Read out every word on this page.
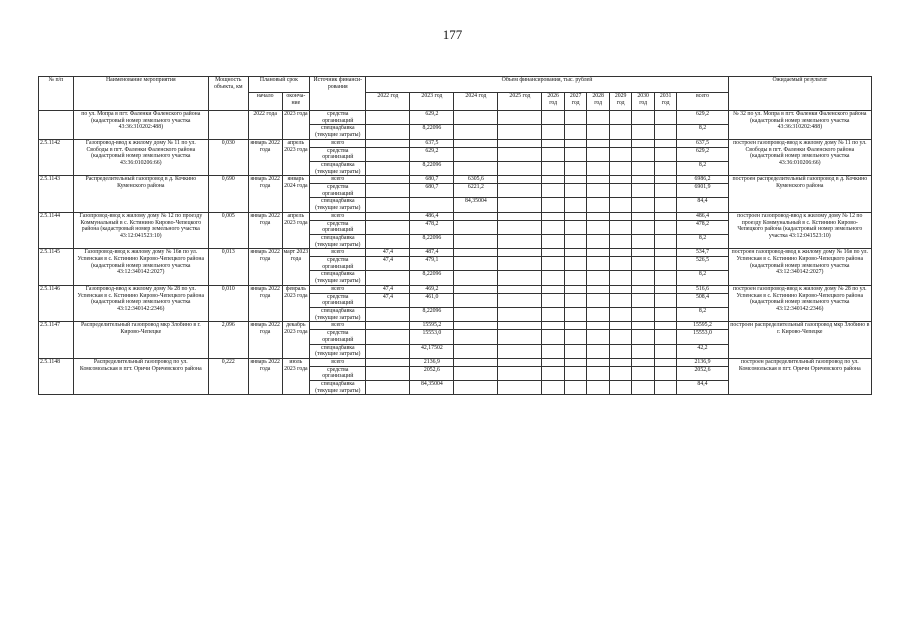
177
№ п/п	Наименование мероприятия	Мощность объекта, км	Плановый срок		Источник финанси-рования	Объем финансирования, тыс. рублей											Ожидаемый результат
			начало	оконча-ние		2022 год	2023 год	2024 год	2025 год	2026 год	2027 год	2028 год	2029 год	2030 год	2031 год	всего	

	по ул. Мопра в пгт. Фаленки Фаленского района (кадастровый номер земельного участка 43:36:310202:488)		2022 года	2023 года	средства организаций		629,2									629,2	№ 32 по ул. Мопра в пгт. Фаленки Фаленского района (кадастровый номер земельного участка 43:36:310202:488)
					спецнадбавка (текущие затраты)		8,22096									8,2	
2.5.1142	Газопровод-ввод к жилому дому № 11 по ул. Свободы в пгт. Фаленки Фаленского района (кадастровый номер земельного участка 43:36:010206:66)	0,030	январь 2022 года	апрель 2023 года	всего		637,5									637,5	построен газопровод-ввод к жилому дому № 11 по ул. Свободы в пгт. Фаленки Фаленского района (кадастровый номер земельного участка 43:36:010206:66)
					средства организаций		629,2									629,2	
					спецнадбавка (текущие затраты)		8,22096									8,2	
2.5.1143	Распределительный газопровод в д. Кочкино Куменского района	0,690	январь 2022 года	январь 2024 года	всего		680,7	6305,6								6986,2	построен распределительный газопровод в д. Кочкино Куменского района
					средства организаций		680,7	6221,2								6901,9	
					спецнадбавка (текущие затраты)			84,35004								84,4	
2.5.1144	Газопровод-ввод к жилому дому № 12 по проезду Коммунальный в с. Кстинино Кирово-Чепецкого района (кадастровый номер земельного участка 43:12:041523:10)	0,005	январь 2022 года	апрель 2023 года	всего		486,4									486,4	построен газопровод-ввод к жилому дому № 12 по проезду Коммунальный в с. Кстинино Кирово-Чепецкого района (кадастровый номер земельного участка 43:12:041523:10)
					средства организаций		478,2									478,2	
					спецнадбавка (текущие затраты)		8,22096									8,2	
2.5.1145	Газопровод-ввод к жилому дому № 16в по ул. Успенская в с. Кстинино Кирово-Чепецкого района (кадастровый номер земельного участка 43:12:340142:2027)	0,013	январь 2022 года	март 2023 года	всего	47,4	487,4									534,7	построен газопровод-ввод к жилому дому № 16в по ул. Успенская в с. Кстинино Кирово-Чепецкого района (кадастровый номер земельного участка 43:12:340142:2027)
					средства организаций	47,4	479,1									526,5	
					спецнадбавка (текущие затраты)		8,22096									8,2	
2.5.1146	Газопровод-ввод к жилому дому № 28 по ул. Успенская в с. Кстинино Кирово-Чепецкого района (кадастровый номер земельного участка 43:12:340142:2346)	0,010	январь 2022 года	февраль 2023 года	всего	47,4	469,2									516,6	построен газопровод-ввод к жилому дому № 28 по ул. Успенская в с. Кстинино Кирово-Чепецкого района (кадастровый номер земельного участка 43:12:340142:2346)
					средства организаций	47,4	461,0									508,4	
					спецнадбавка (текущие затраты)		8,22096									8,2	
2.5.1147	Распределительный газопровод мкр Злобино в г. Кирово-Чепецке	2,096	январь 2022 года	декабрь 2023 года	всего		15595,2									15595,2	построен распределительный газопровод мкр Злобино в г. Кирово-Чепецке
					средства организаций		15553,0									15553,0	
					спецнадбавка (текущие затраты)		42,17502									42,2	
2.5.1148	Распределительный газопровод по ул. Комсомольская в пгт. Оричи Оричевского района	0,222	январь 2022 года	июль 2023 года	всего		2136,9									2136,9	построен распределительный газопровод по ул. Комсомольская в пгт. Оричи Оричевского района
					средства организаций		2052,6									2052,6	
					спецнадбавка (текущие затраты)		84,35004									84,4	
